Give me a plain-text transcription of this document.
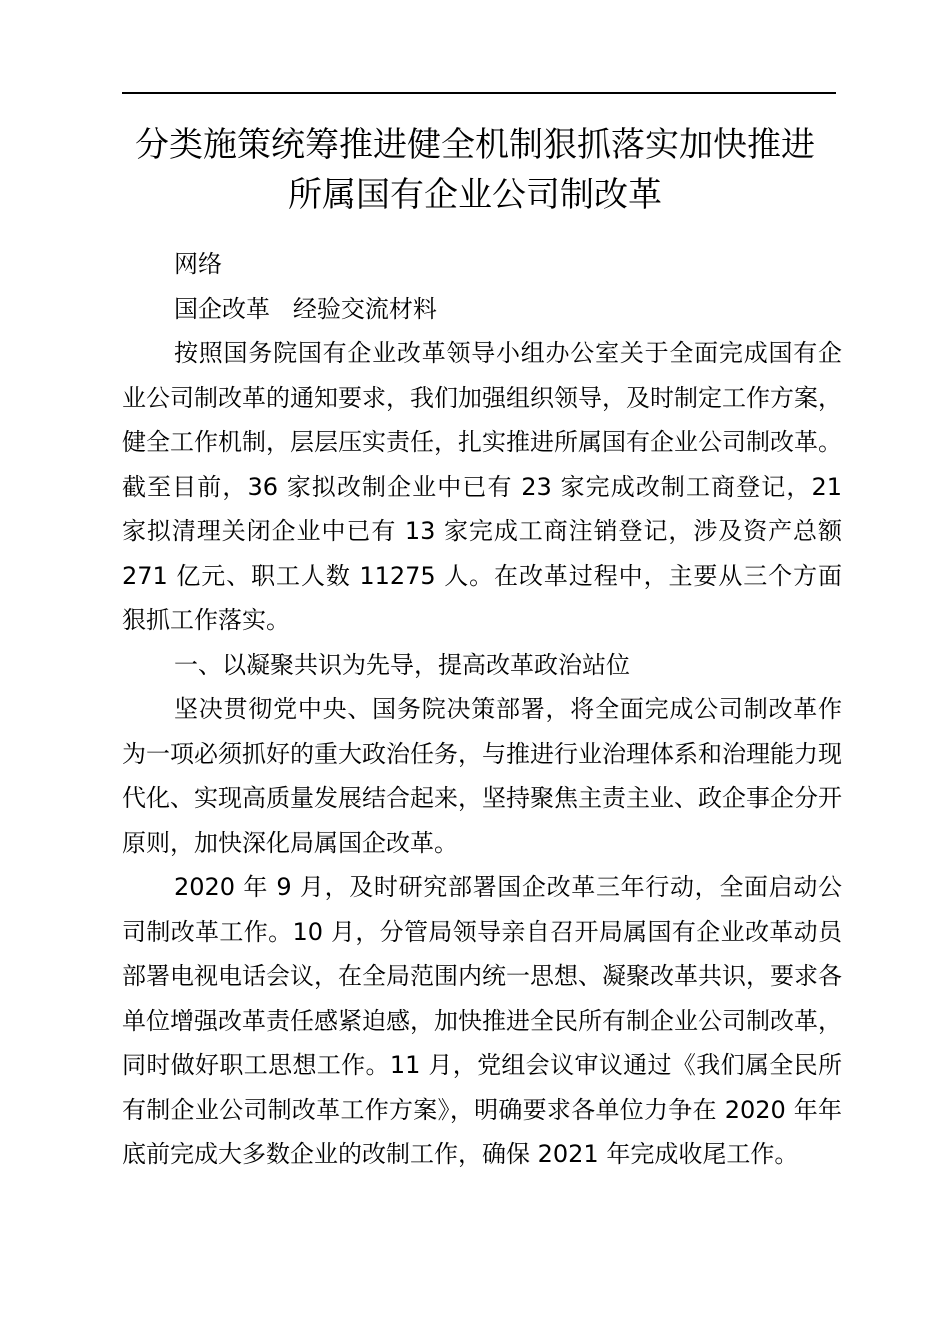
分类施策统筹推进健全机制狠抓落实加快推进
所属国有企业公司制改革

网络

国企改革   经验交流材料

按照国务院国有企业改革领导小组办公室关于全面完成国有企业公司制改革的通知要求，我们加强组织领导，及时制定工作方案，健全工作机制，层层压实责任，扎实推进所属国有企业公司制改革。截至目前，36 家拟改制企业中已有 23 家完成改制工商登记，21 家拟清理关闭企业中已有 13 家完成工商注销登记，涉及资产总额 271 亿元、职工人数 11275 人。在改革过程中，主要从三个方面狠抓工作落实。

一、以凝聚共识为先导，提高改革政治站位

坚决贯彻党中央、国务院决策部署，将全面完成公司制改革作为一项必须抓好的重大政治任务，与推进行业治理体系和治理能力现代化、实现高质量发展结合起来，坚持聚焦主责主业、政企事企分开原则，加快深化局属国企改革。

2020 年 9 月，及时研究部署国企改革三年行动，全面启动公司制改革工作。10 月，分管局领导亲自召开局属国有企业改革动员部署电视电话会议，在全局范围内统一思想、凝聚改革共识，要求各单位增强改革责任感紧迫感，加快推进全民所有制企业公司制改革，同时做好职工思想工作。11 月，党组会议审议通过《我们属全民所有制企业公司制改革工作方案》，明确要求各单位力争在 2020 年年底前完成大多数企业的改制工作，确保 2021 年完成收尾工作。
